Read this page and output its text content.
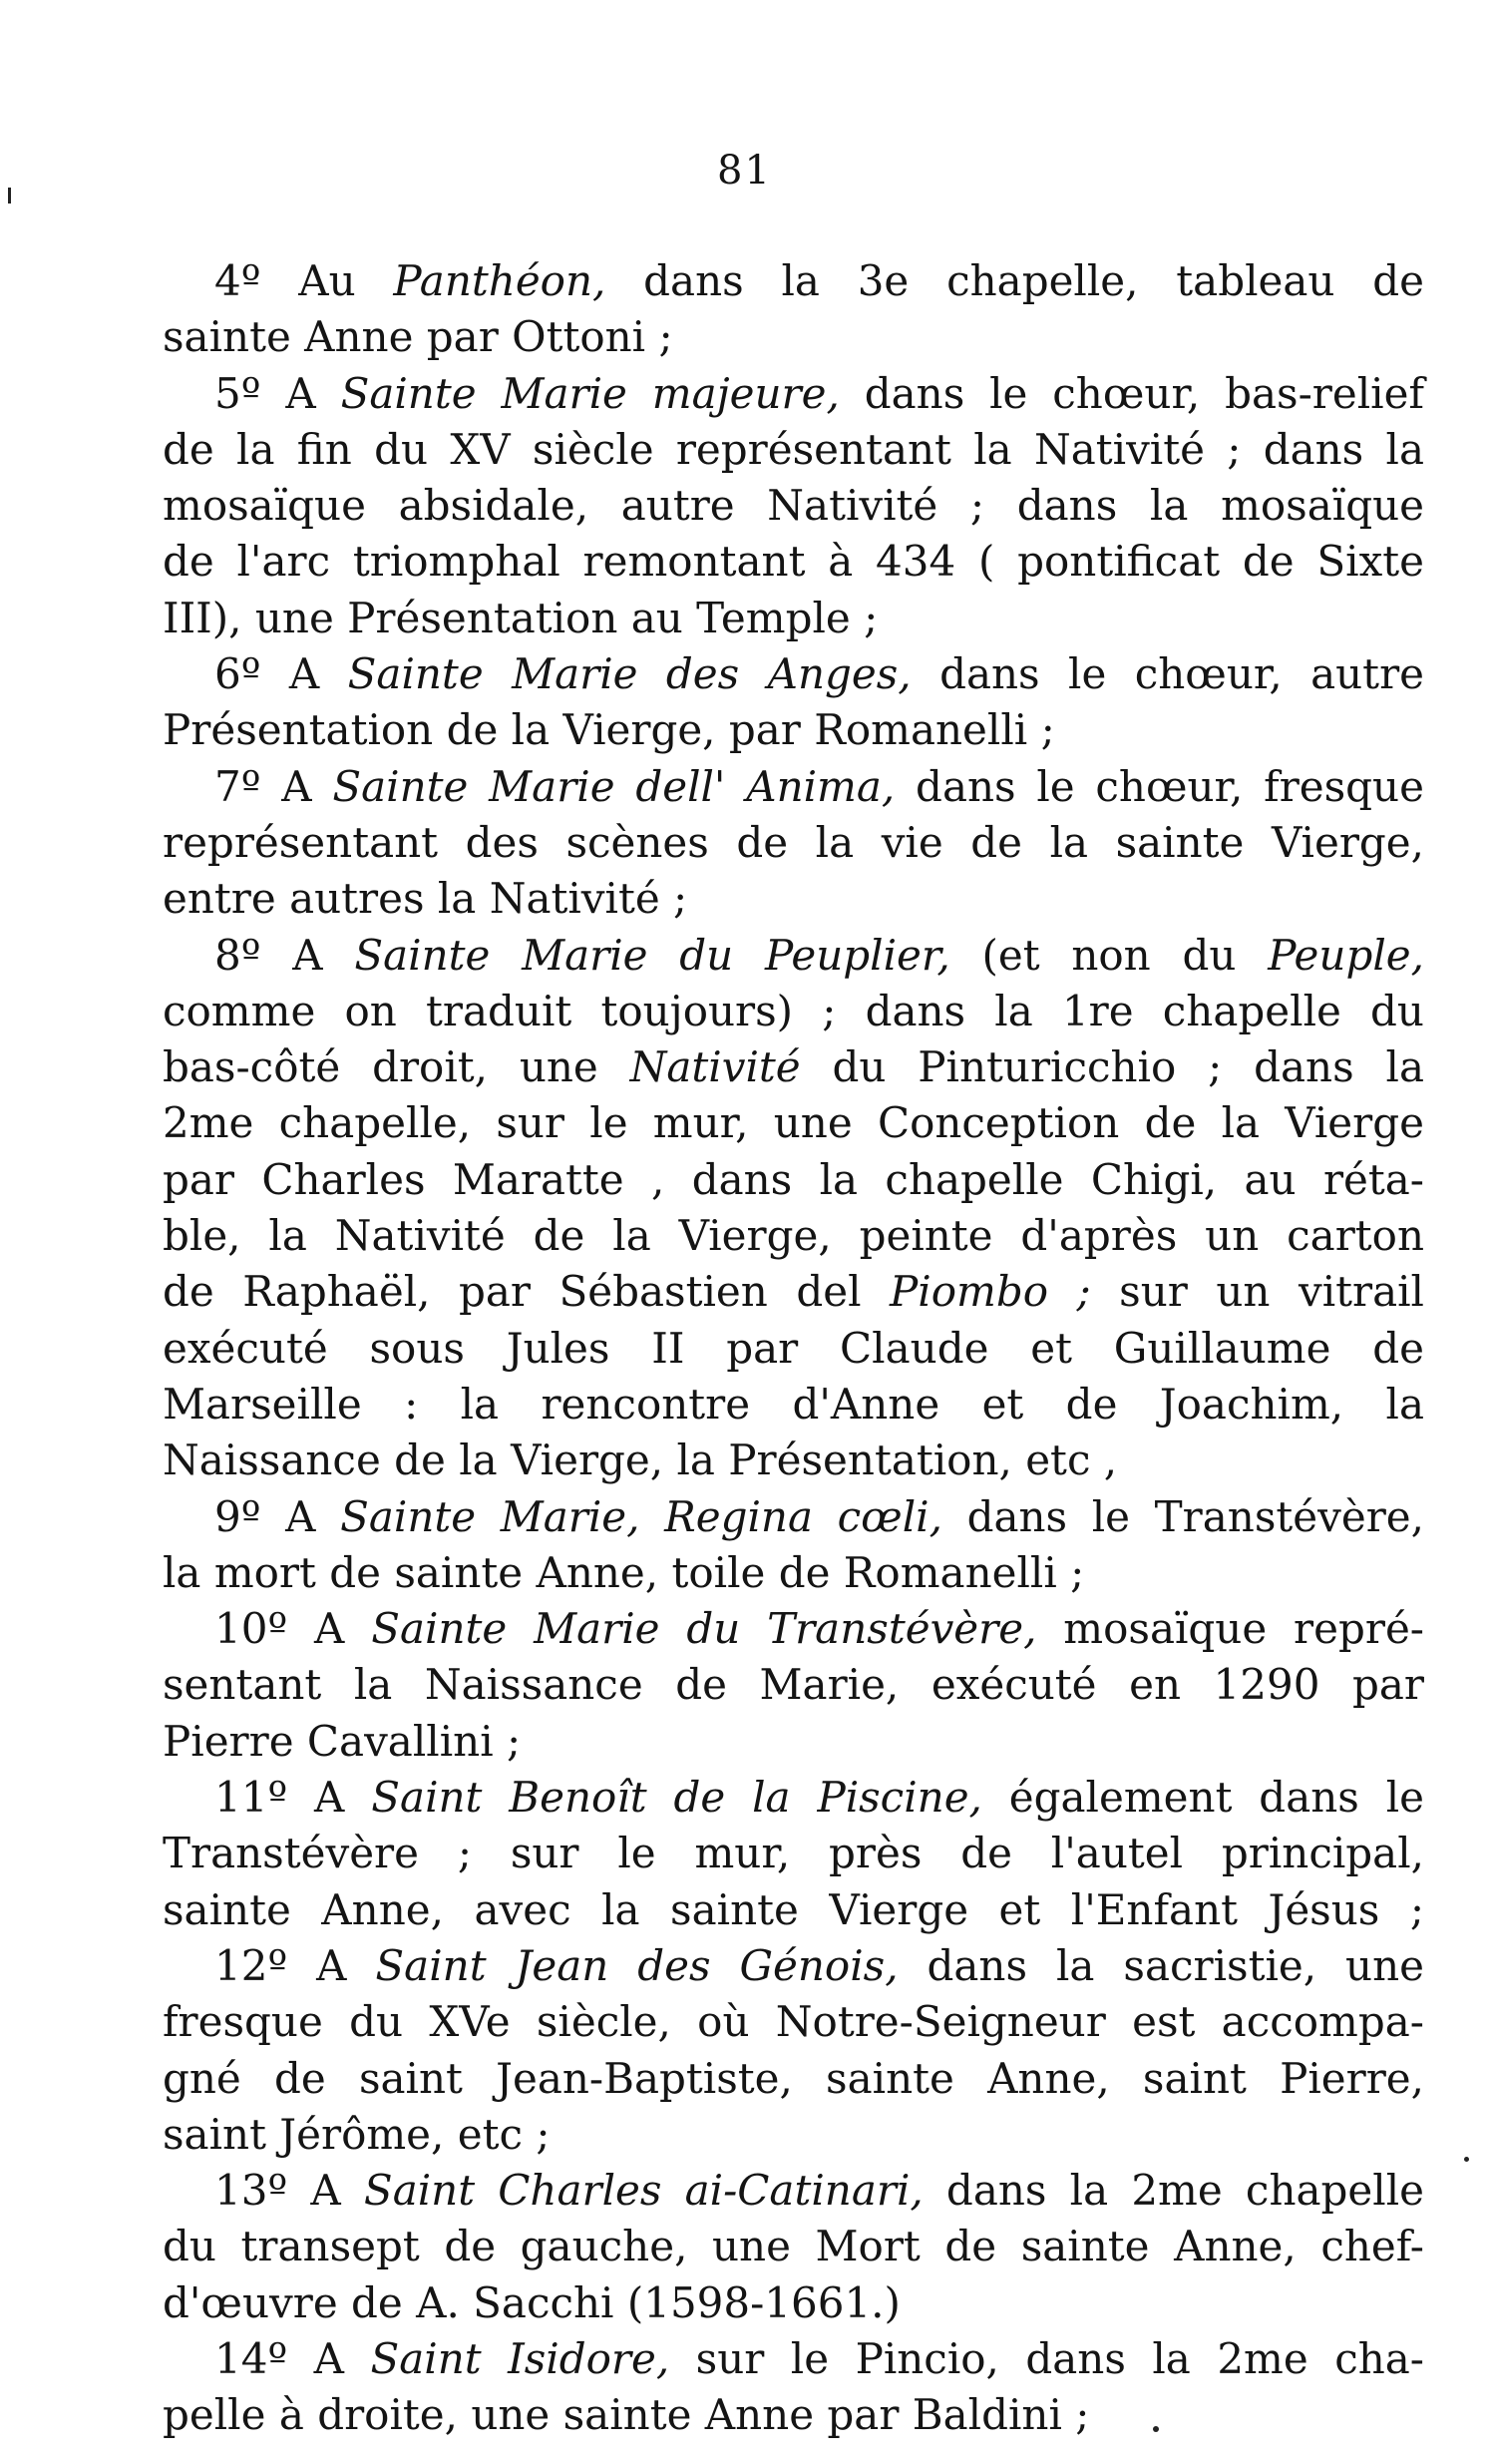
81
4º Au Panthéon, dans la 3e chapelle, tableau de
sainte Anne par Ottoni ;
5º A Sainte Marie majeure, dans le chœur, bas-relief
de la fin du XV siècle représentant la Nativité ; dans la
mosaïque absidale, autre Nativité ; dans la mosaïque
de l'arc triomphal remontant à 434 ( pontificat de Sixte
III), une Présentation au Temple ;
6º A Sainte Marie des Anges, dans le chœur, autre
Présentation de la Vierge, par Romanelli ;
7º A Sainte Marie dell' Anima, dans le chœur, fresque
représentant des scènes de la vie de la sainte Vierge,
entre autres la Nativité ;
8º A Sainte Marie du Peuplier, (et non du Peuple,
comme on traduit toujours) ; dans la 1re chapelle du
bas-côté droit, une Nativité du Pinturicchio ; dans la
2me chapelle, sur le mur, une Conception de la Vierge
par Charles Maratte , dans la chapelle Chigi, au réta-
ble, la Nativité de la Vierge, peinte d'après un carton
de Raphaël, par Sébastien del Piombo ; sur un vitrail
exécuté sous Jules II par Claude et Guillaume de
Marseille : la rencontre d'Anne et de Joachim, la
Naissance de la Vierge, la Présentation, etc ,
9º A Sainte Marie, Regina cœli, dans le Transtévère,
la mort de sainte Anne, toile de Romanelli ;
10º A Sainte Marie du Transtévère, mosaïque repré-
sentant la Naissance de Marie, exécuté en 1290 par
Pierre Cavallini ;
11º A Saint Benoît de la Piscine, également dans le
Transtévère ; sur le mur, près de l'autel principal,
sainte Anne, avec la sainte Vierge et l'Enfant Jésus ;
12º A Saint Jean des Génois, dans la sacristie, une
fresque du XVe siècle, où Notre-Seigneur est accompa-
gné de saint Jean-Baptiste, sainte Anne, saint Pierre,
saint Jérôme, etc ;
13º A Saint Charles ai-Catinari, dans la 2me chapelle
du transept de gauche, une Mort de sainte Anne, chef-
d'œuvre de A. Sacchi (1598-1661.)
14º A Saint Isidore, sur le Pincio, dans la 2me cha-
pelle à droite, une sainte Anne par Baldini ;
